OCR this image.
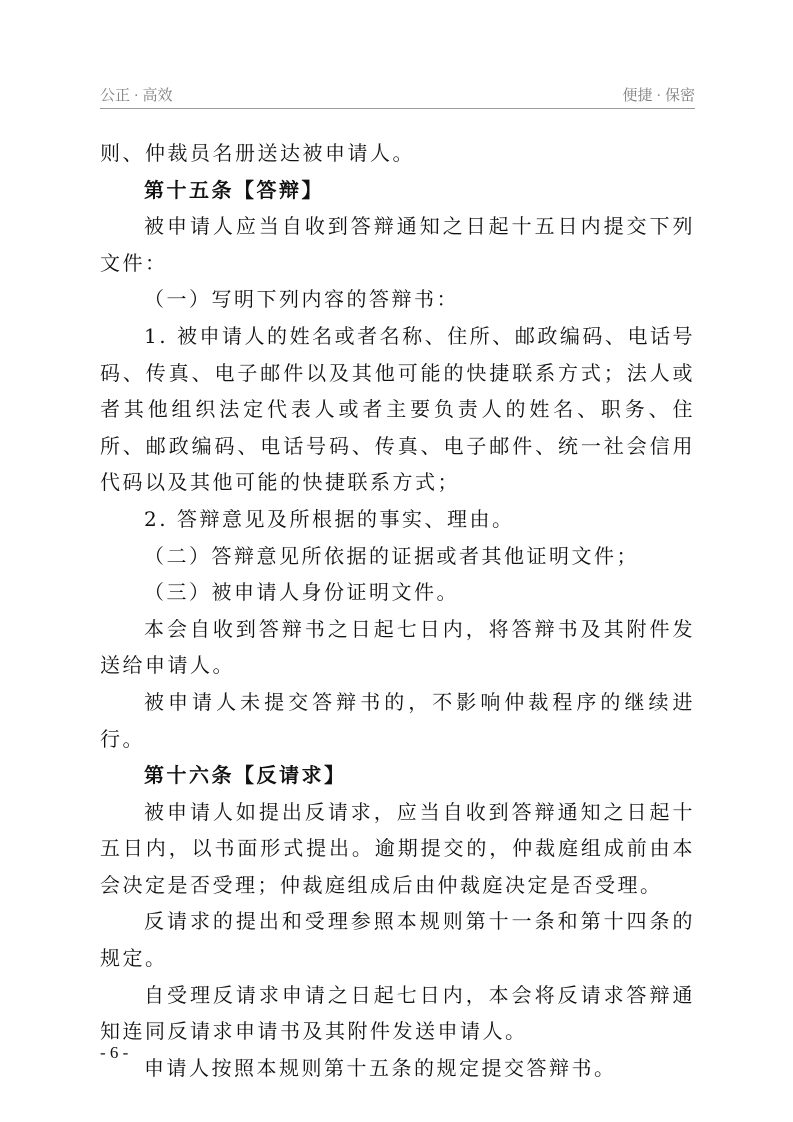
公正 · 高效	便捷 · 保密

则、仲裁员名册送达被申请人。

第十五条【答辩】

被申请人应当自收到答辩通知之日起十五日内提交下列文件：

（一）写明下列内容的答辩书：

1. 被申请人的姓名或者名称、住所、邮政编码、电话号码、传真、电子邮件以及其他可能的快捷联系方式；法人或者其他组织法定代表人或者主要负责人的姓名、职务、住所、邮政编码、电话号码、传真、电子邮件、统一社会信用代码以及其他可能的快捷联系方式；

2. 答辩意见及所根据的事实、理由。

（二）答辩意见所依据的证据或者其他证明文件；

（三）被申请人身份证明文件。

本会自收到答辩书之日起七日内，将答辩书及其附件发送给申请人。

被申请人未提交答辩书的，不影响仲裁程序的继续进行。

第十六条【反请求】

被申请人如提出反请求，应当自收到答辩通知之日起十五日内，以书面形式提出。逾期提交的，仲裁庭组成前由本会决定是否受理；仲裁庭组成后由仲裁庭决定是否受理。

反请求的提出和受理参照本规则第十一条和第十四条的规定。

自受理反请求申请之日起七日内，本会将反请求答辩通知连同反请求申请书及其附件发送申请人。

申请人按照本规则第十五条的规定提交答辩书。

- 6 -
